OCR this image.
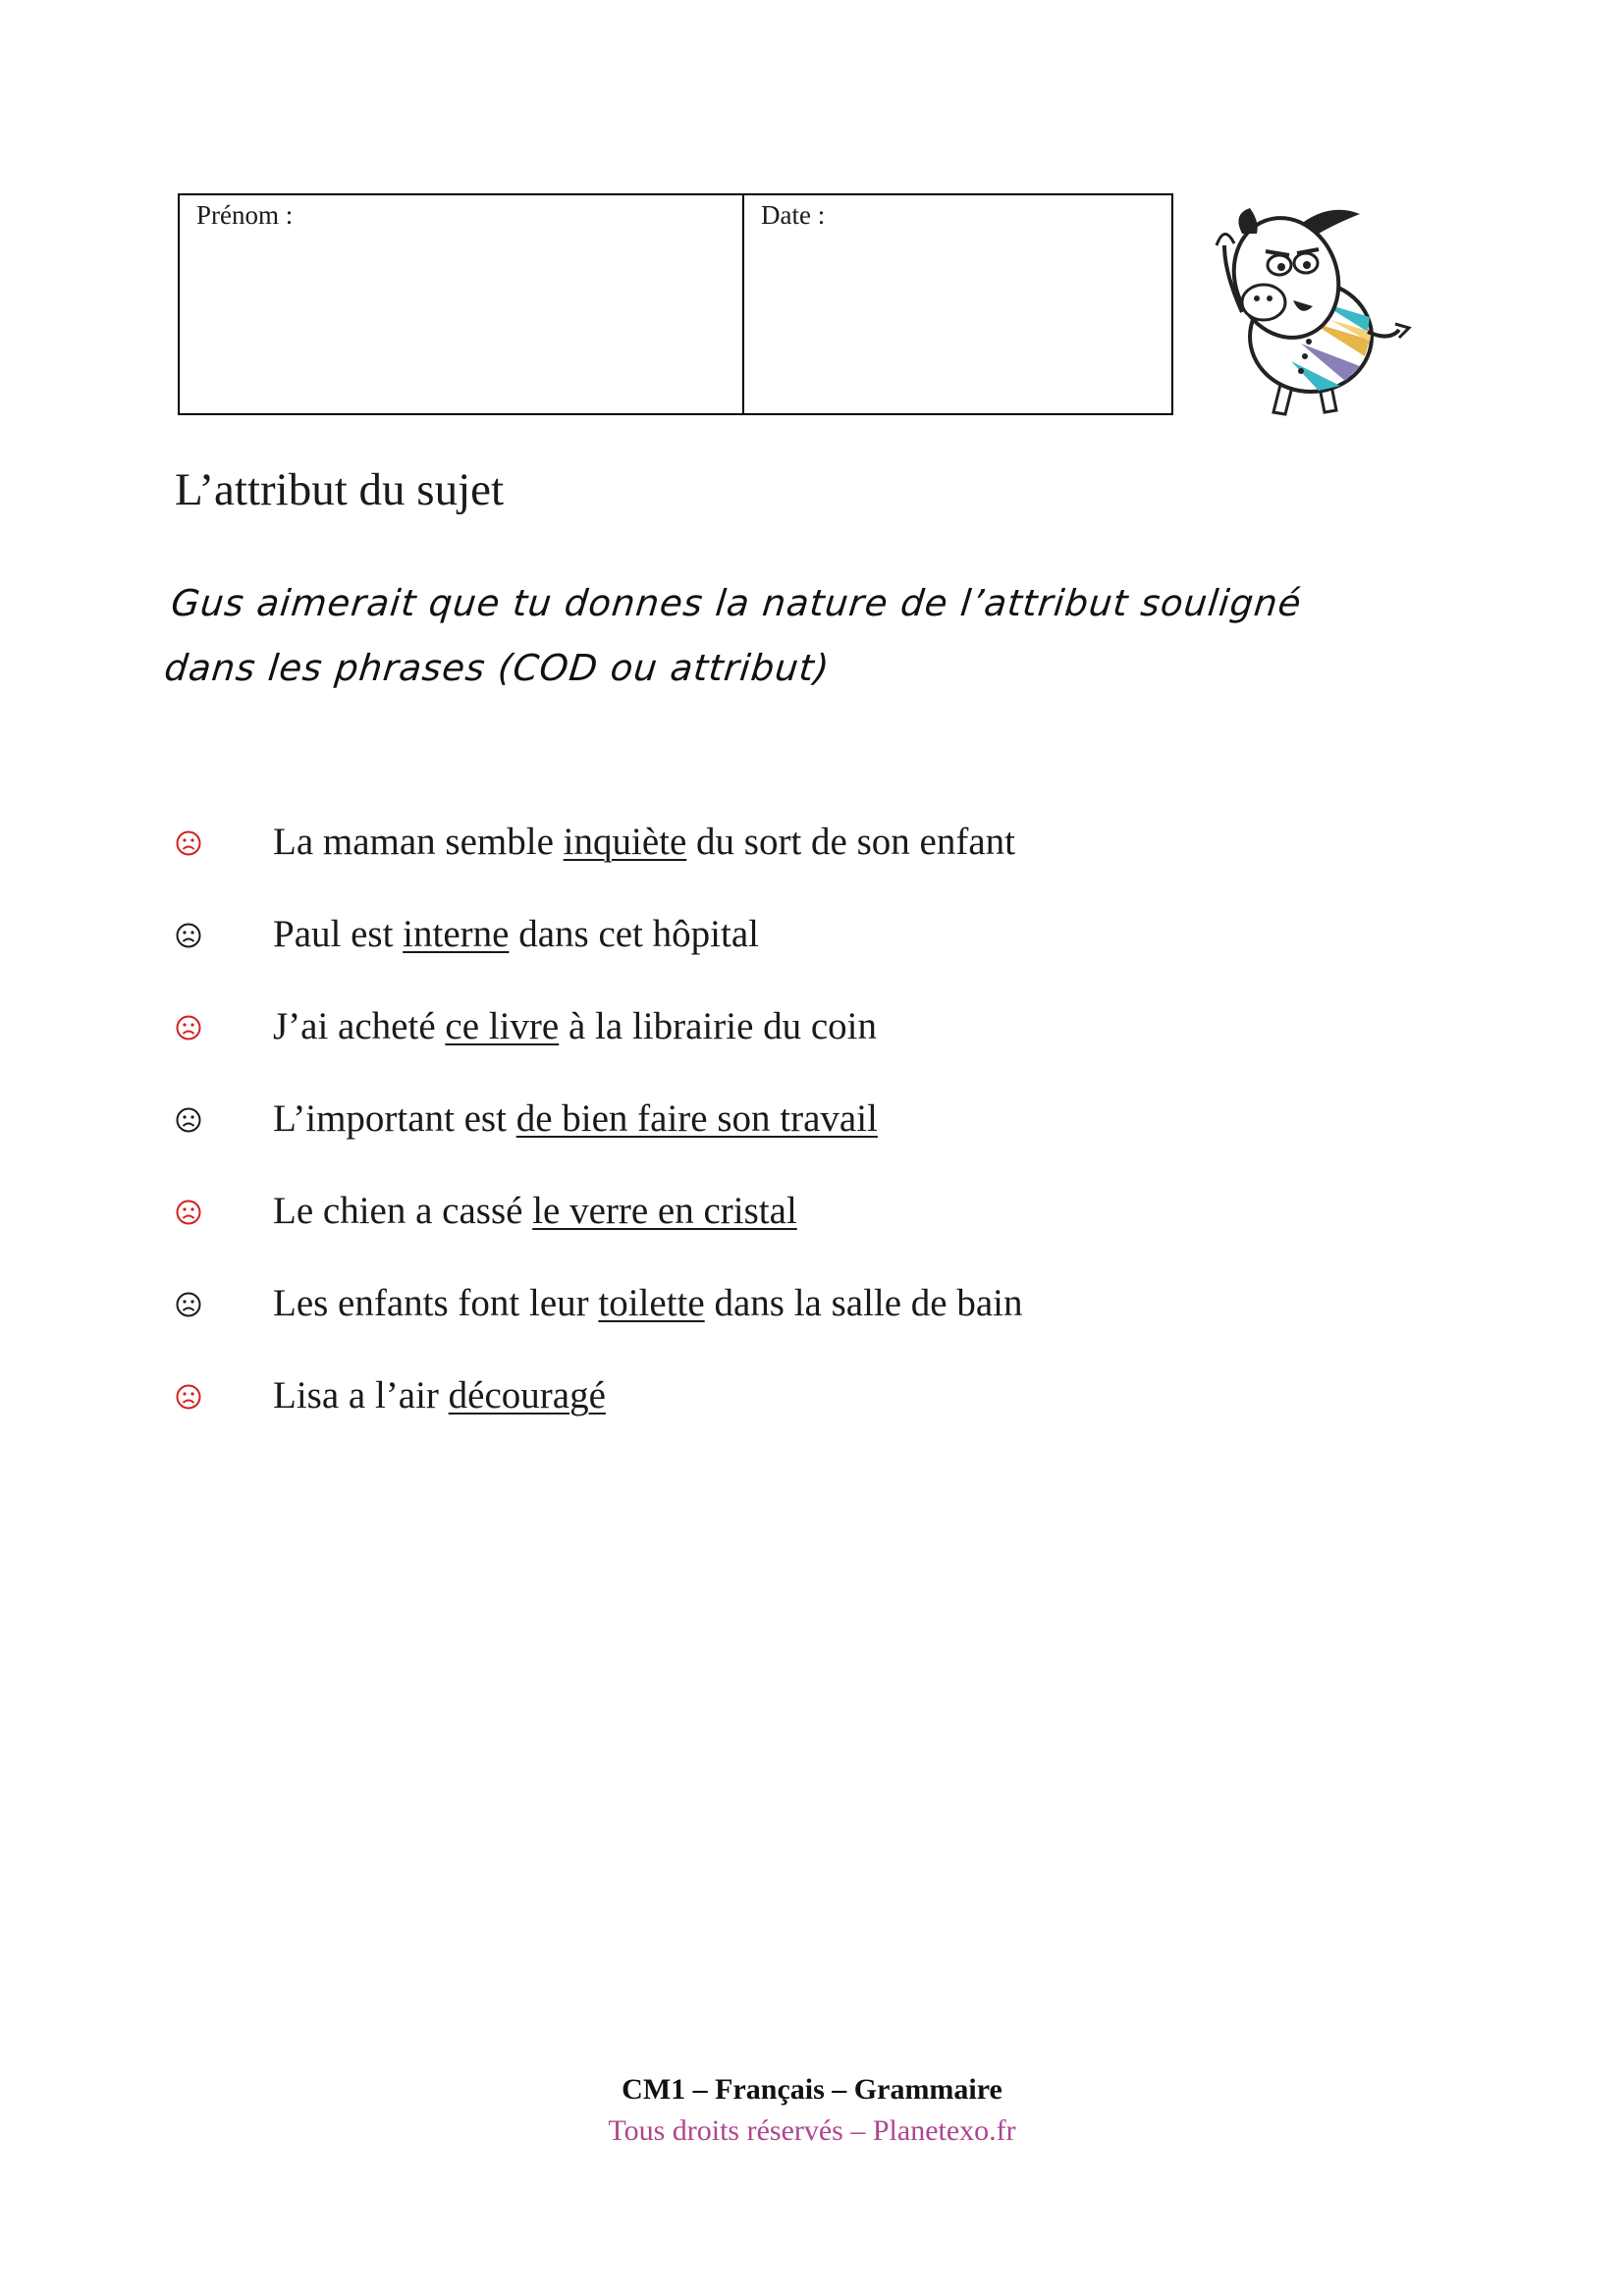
Prénom :	Date :
L’attribut du sujet
Gus aimerait que tu donnes la nature de l’attribut souligné
dans les phrases (COD ou attribut)
La maman semble inquiète du sort de son enfant
Paul est interne dans cet hôpital
J’ai acheté ce livre à la librairie du coin
L’important est de bien faire son travail
Le chien a cassé le verre en cristal
Les enfants font leur toilette dans la salle de bain
Lisa a l’air découragé
CM1 – Français – Grammaire
Tous droits réservés – Planetexo.fr
